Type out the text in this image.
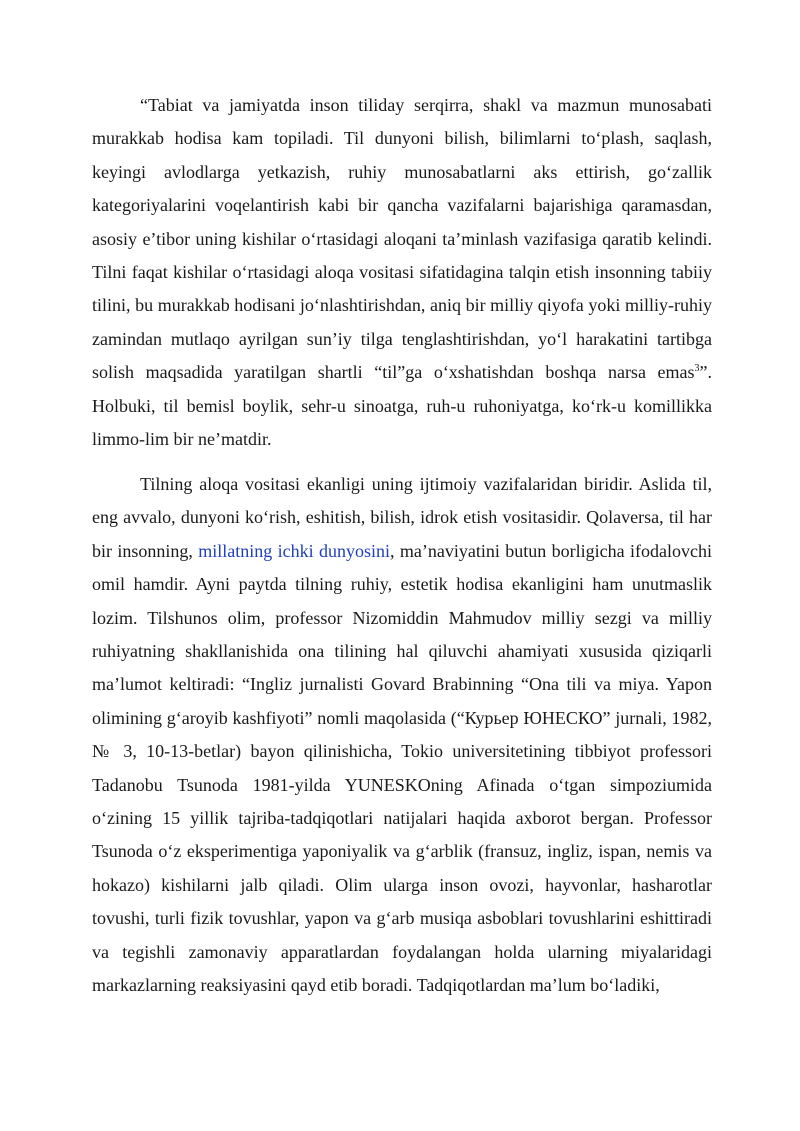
“Tabiat va jamiyatda inson tiliday serqirra, shakl va mazmun munosabati murakkab hodisa kam topiladi. Til dunyoni bilish, bilimlarni to‘plash, saqlash, keyingi avlodlarga yetkazish, ruhiy munosabatlarni aks ettirish, go‘zallik kategoriyalarini voqelantirish kabi bir qancha vazifalarni bajarishiga qaramasdan, asosiy e’tibor uning kishilar o‘rtasidagi aloqani ta’minlash vazifasiga qaratib kelindi. Tilni faqat kishilar o‘rtasidagi aloqa vositasi sifatidagina talqin etish insonning tabiiy tilini, bu murakkab hodisani jo‘nlashtirishdan, aniq bir milliy qiyofa yoki milliy-ruhiy zamindan mutlaqo ayrilgan sun’iy tilga tenglashtirishdan, yo‘l harakatini tartibga solish maqsadida yaratilgan shartli “til”ga o‘xshatishdan boshqa narsa emas$^3$”. Holbuki, til bemisl boylik, sehr-u sinoatga, ruh-u ruhoniyatga, ko‘rk-u komillikka limmo-lim bir ne’matdir.

Tilning aloqa vositasi ekanligi uning ijtimoiy vazifalaridan biridir. Aslida til, eng avvalo, dunyoni ko‘rish, eshitish, bilish, idrok etish vositasidir. Qolaversa, til har bir insonning, millatning ichki dunyosini, ma’naviyatini butun borligicha ifodalovchi omil hamdir. Ayni paytda tilning ruhiy, estetik hodisa ekanligini ham unutmaslik lozim. Tilshunos olim, professor Nizomiddin Mahmudov milliy sezgi va milliy ruhiyatning shakllanishida ona tilining hal qiluvchi ahamiyati xususida qiziqarli ma’lumot keltiradi: “Ingliz jurnalisti Govard Brabinning “Ona tili va miya. Yapon olimining g‘aroyib kashfiyoti” nomli maqolasida (“Курьер ЮНЕСКО” jurnali, 1982, № 3, 10-13-betlar) bayon qilinishicha, Tokio universitetining tibbiyot professori Tadanobu Tsunoda 1981-yilda YUNESKOning Afinada o‘tgan simpoziumida o‘zining 15 yillik tajriba-tadqiqotlari natijalari haqida axborot bergan. Professor Tsunoda o‘z eksperimentiga yaponiyalik va g‘arblik (fransuz, ingliz, ispan, nemis va hokazo) kishilarni jalb qiladi. Olim ularga inson ovozi, hayvonlar, hasharotlar tovushi, turli fizik tovushlar, yapon va g‘arb musiqa asboblari tovushlarini eshittiradi va tegishli zamonaviy apparatlardan foydalangan holda ularning miyalaridagi markazlarning reaksiyasini qayd etib boradi. Tadqiqotlardan ma’lum bo‘ladiki,
